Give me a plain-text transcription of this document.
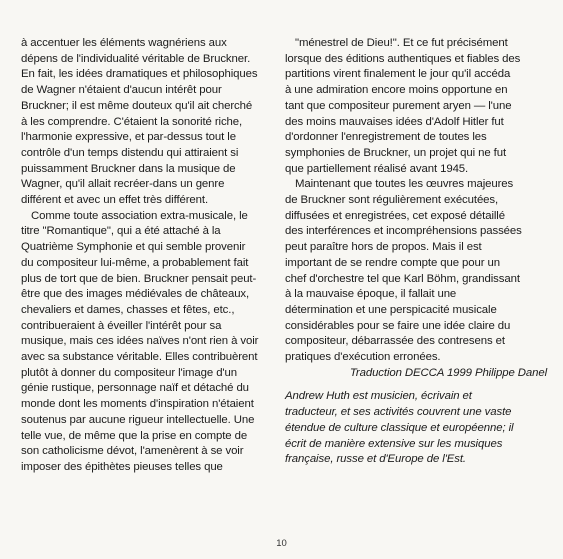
à accentuer les éléments wagnériens aux
dépens de l'individualité véritable de Bruckner.
En fait, les idées dramatiques et philosophiques
de Wagner n'étaient d'aucun intérêt pour
Bruckner; il est même douteux qu'il ait cherché
à les comprendre. C'étaient la sonorité riche,
l'harmonie expressive, et par-dessus tout le
contrôle d'un temps distendu qui attiraient si
puissamment Bruckner dans la musique de
Wagner, qu'il allait recréer-dans un genre
différent et avec un effet très différent.
Comme toute association extra-musicale, le
titre "Romantique", qui a été attaché à la
Quatrième Symphonie et qui semble provenir
du compositeur lui-même, a probablement fait
plus de tort que de bien. Bruckner pensait peut-
être que des images médiévales de châteaux,
chevaliers et dames, chasses et fêtes, etc.,
contribueraient à éveiller l'intérêt pour sa
musique, mais ces idées naïves n'ont rien à voir
avec sa substance véritable. Elles contribuèrent
plutôt à donner du compositeur l'image d'un
génie rustique, personnage naïf et détaché du
monde dont les moments d'inspiration n'étaient
soutenus par aucune rigueur intellectuelle. Une
telle vue, de même que la prise en compte de
son catholicisme dévot, l'amenèrent à se voir
imposer des épithètes pieuses telles que
"ménestrel de Dieu!". Et ce fut précisément
lorsque des éditions authentiques et fiables des
partitions virent finalement le jour qu'il accéda
à une admiration encore moins opportune en
tant que compositeur purement aryen — l'une
des moins mauvaises idées d'Adolf Hitler fut
d'ordonner l'enregistrement de toutes les
symphonies de Bruckner, un projet qui ne fut
que partiellement réalisé avant 1945.
Maintenant que toutes les œuvres majeures
de Bruckner sont régulièrement exécutées,
diffusées et enregistrées, cet exposé détaillé
des interférences et incompréhensions passées
peut paraître hors de propos. Mais il est
important de se rendre compte que pour un
chef d'orchestre tel que Karl Böhm, grandissant
à la mauvaise époque, il fallait une
détermination et une perspicacité musicale
considérables pour se faire une idée claire du
compositeur, débarrassée des contresens et
pratiques d'exécution erronées.
Traduction DECCA 1999 Philippe Danel
Andrew Huth est musicien, écrivain et
traducteur, et ses activités couvrent une vaste
étendue de culture classique et européenne; il
écrit de manière extensive sur les musiques
française, russe et d'Europe de l'Est.
10
